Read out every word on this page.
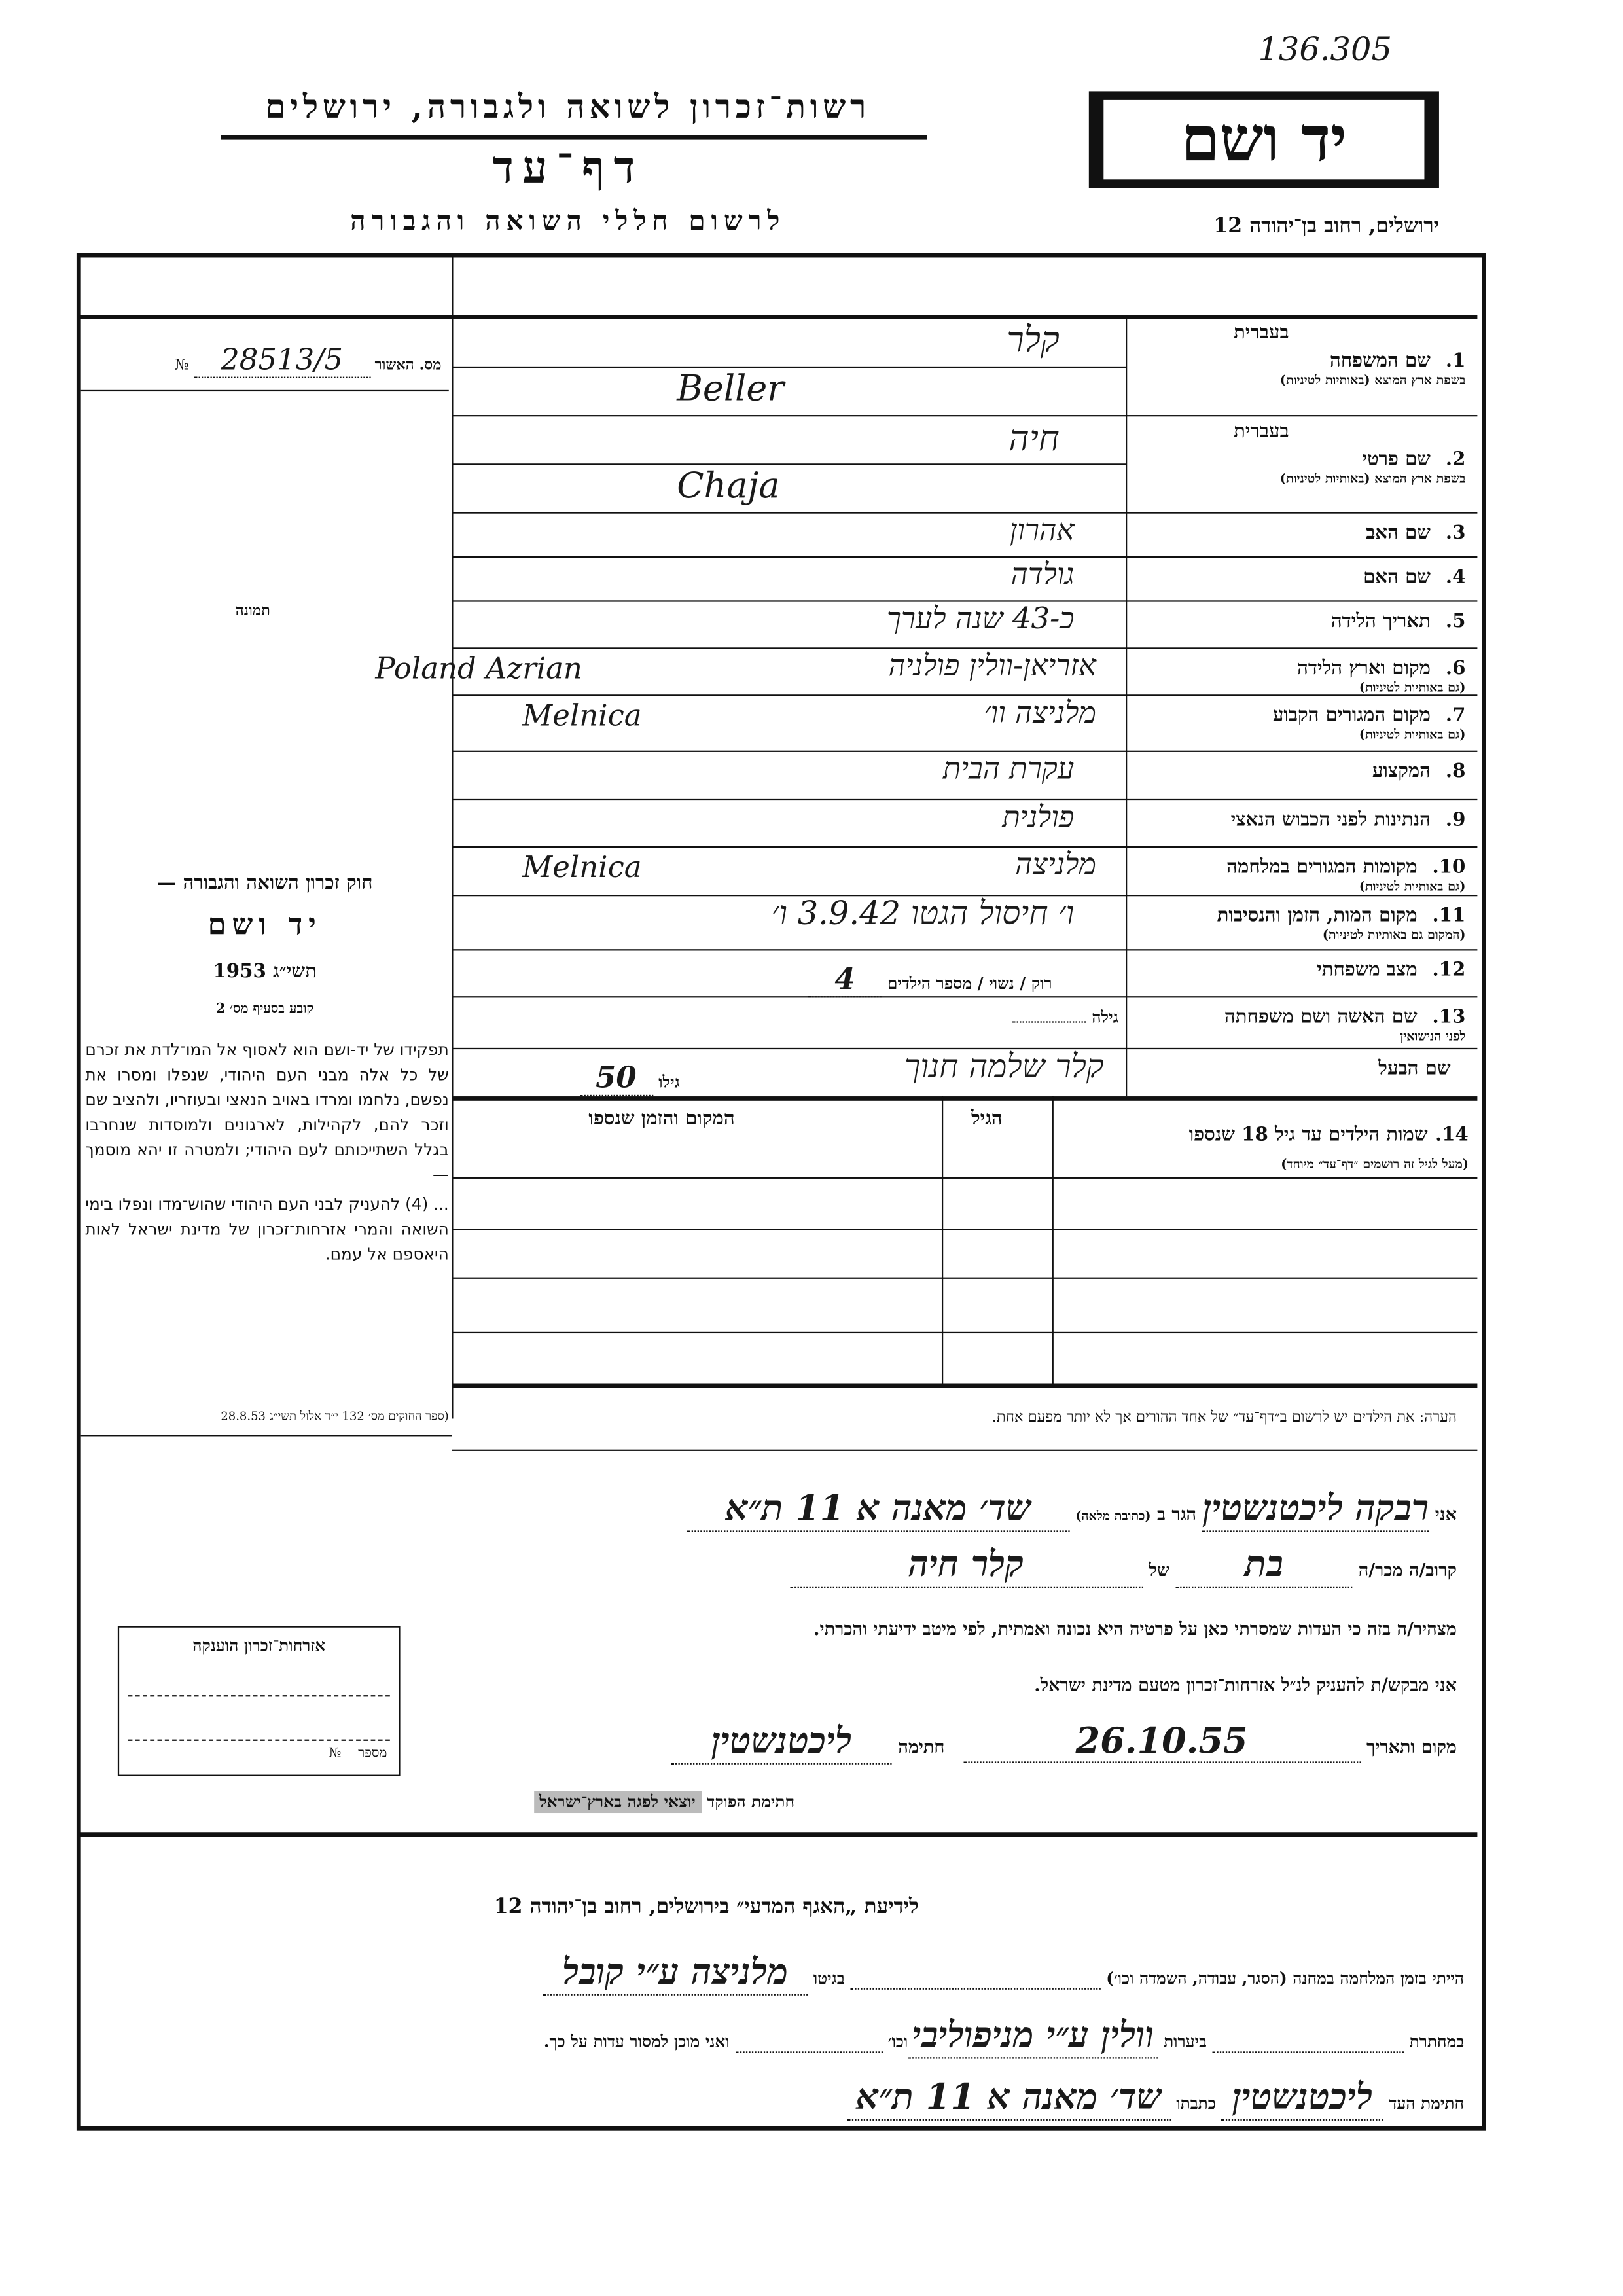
136.305
רשות־זכרון לשואה ולגבורה, ירושלים
דף־עד
לרשום חללי השואה והגבורה
יד ושם
ירושלים, רחוב בן־יהודה 12
מס. האשור 28513/5 №
תמונה
חוק זכרון השואה והגבורה —
יד ושם
תשי״ג 1953
קובע בסעיף מס׳ 2
תפקידו של יד-ושם הוא לאסוף אל המו־לדת את זכרם של כל אלה מבני העם היהודי, שנפלו ומסרו את נפשם, נלחמו ומרדו באויב הנאצי ובעוזריו, ולהציב שם וזכר להם, לקהילות, לארגונים ולמוסדות שנחרבו בגלל השתייכותם לעם היהודי; ולמטרה זו יהא מוסמך —
... (4) להעניק לבני העם היהודי שהוש־מדו ונפלו בימי השואה והמרי אזרחות־זכרון של מדינת ישראל לאות היאספם אל עמם.
(ספר החוקים מס׳ 132 י״ד אלול תשי״ג 28.8.53
בעברית
1.  שם המשפחה
בשפת ארץ המוצא (באותיות לטיניות)
קלר
Beller
בעברית
2.  שם פרטי
בשפת ארץ המוצא (באותיות לטיניות)
חיה
Chaja
3.  שם האב
אהרון
4.  שם האם
גולדה
5.  תאריך הלידה
כ-43 שנה לערך
6.  מקום וארץ הלידה
(גם באותיות לטיניות)
אזריאן-וולין פולניה
Poland Azrian
7.  מקום המגורים הקבוע
(גם באותיות לטיניות)
מלניצה וו׳
Melnica
8.  המקצוע
עקרת הבית
9.  הנתינות לפני הכבוש הנאצי
פולנית
10.  מקומות המגורים במלחמה
(גם באותיות לטיניות)
מלניצה
Melnica
11.  מקום המות, הזמן והנסיבות
(המקום גם באותיות לטיניות)
ו׳ חיסול הגטו 3.9.42 ו׳
12.  מצב משפחתי
רוק / נשוי / מספר הילדים 4
13.  שם האשה ושם משפחתה
לפני הנישואין
גילה
שם הבעל
גילו 50	קלר שלמה חנוך
14. שמות הילדים עד גיל 18 שנספו
(מעל לגיל זה רושמים ״דף־עד״ מיוחד)
הגיל
המקום והזמן שנספו
הערה: את הילדים יש לרשום ב״דף־עד״ של אחד ההורים אך לא יותר מפעם אחת.
אני רבקה ליכטנשטין הגר ב (כתובת מלאה) שד׳ מאנה א 11 ת״א
קרוב/ה מכר/ה בת של קלר חיה
מצהיר/ה בזה כי העדות שמסרתי כאן על פרטיה היא נכונה ואמתית, לפי מיטב ידיעתי והכרתי.
אני מבקש/ת להעניק לנ״ל אזרחות־זכרון מטעם מדינת ישראל.
מקום ותאריך 26.10.55   חתימה ליכטנשטין
חתימת הפוקד יוצאי לפגה בארץ־ישראל
אזרחות־זכרון הוענקה
מספר    №
לידיעת „האגף המדעי״ בירושלים, רחוב בן־יהודה 12
הייתי בזמן המלחמה במחנה (הסגר, עבודה, השמדה וכו׳)   בגיטו מלניצה ע״י קובל
במחתרת   ביערות וולין ע״י מניפוליביוכו׳   ואני מוכן למסור עדות על כך.
חתימת העד ליכטנשטין כתבתו שד׳ מאנה א 11 ת״א
